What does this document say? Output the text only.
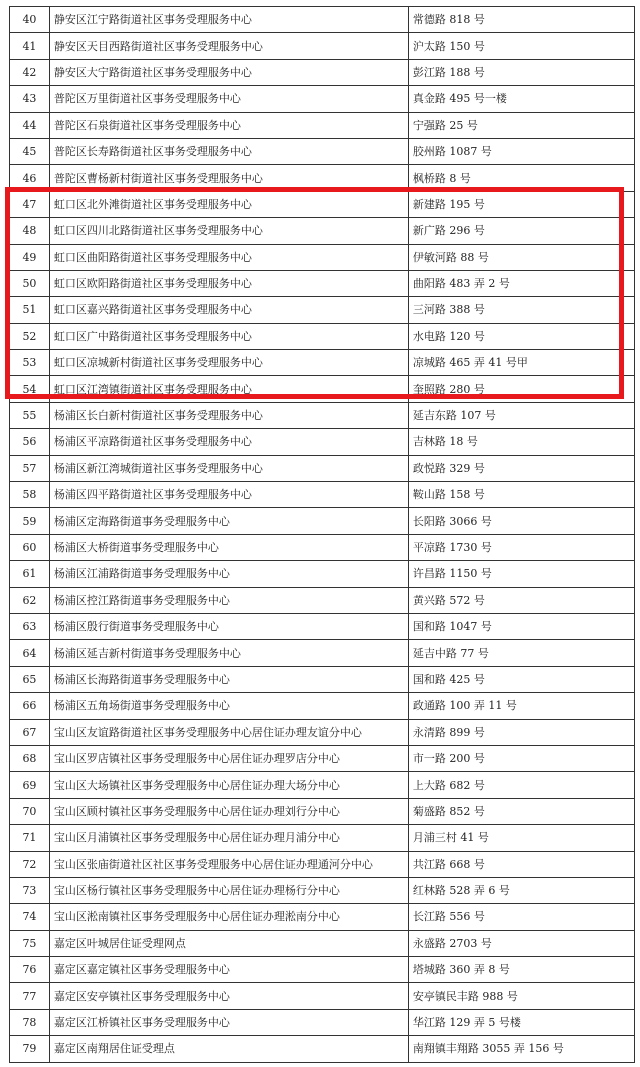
40	静安区江宁路街道社区事务受理服务中心	常德路 818 号
41	静安区天目西路街道社区事务受理服务中心	沪太路 150 号
42	静安区大宁路街道社区事务受理服务中心	彭江路 188 号
43	普陀区万里街道社区事务受理服务中心	真金路 495 号一楼
44	普陀区石泉街道社区事务受理服务中心	宁强路 25 号
45	普陀区长寿路街道社区事务受理服务中心	胶州路 1087 号
46	普陀区曹杨新村街道社区事务受理服务中心	枫桥路 8 号
47	虹口区北外滩街道社区事务受理服务中心	新建路 195 号
48	虹口区四川北路街道社区事务受理服务中心	新广路 296 号
49	虹口区曲阳路街道社区事务受理服务中心	伊敏河路 88 号
50	虹口区欧阳路街道社区事务受理服务中心	曲阳路 483 弄 2 号
51	虹口区嘉兴路街道社区事务受理服务中心	三河路 388 号
52	虹口区广中路街道社区事务受理服务中心	水电路 120 号
53	虹口区凉城新村街道社区事务受理服务中心	凉城路 465 弄 41 号甲
54	虹口区江湾镇街道社区事务受理服务中心	奎照路 280 号
55	杨浦区长白新村街道社区事务受理服务中心	延吉东路 107 号
56	杨浦区平凉路街道社区事务受理服务中心	吉林路 18 号
57	杨浦区新江湾城街道社区事务受理服务中心	政悦路 329 号
58	杨浦区四平路街道社区事务受理服务中心	鞍山路 158 号
59	杨浦区定海路街道事务受理服务中心	长阳路 3066 号
60	杨浦区大桥街道事务受理服务中心	平凉路 1730 号
61	杨浦区江浦路街道事务受理服务中心	许昌路 1150 号
62	杨浦区控江路街道事务受理服务中心	黄兴路 572 号
63	杨浦区殷行街道事务受理服务中心	国和路 1047 号
64	杨浦区延吉新村街道事务受理服务中心	延吉中路 77 号
65	杨浦区长海路街道事务受理服务中心	国和路 425 号
66	杨浦区五角场街道事务受理服务中心	政通路 100 弄 11 号
67	宝山区友谊路街道社区事务受理服务中心居住证办理友谊分中心	永清路 899 号
68	宝山区罗店镇社区事务受理服务中心居住证办理罗店分中心	市一路 200 号
69	宝山区大场镇社区事务受理服务中心居住证办理大场分中心	上大路 682 号
70	宝山区顾村镇社区事务受理服务中心居住证办理刘行分中心	菊盛路 852 号
71	宝山区月浦镇社区事务受理服务中心居住证办理月浦分中心	月浦三村 41 号
72	宝山区张庙街道社区社区事务受理服务中心居住证办理通河分中心	共江路 668 号
73	宝山区杨行镇社区事务受理服务中心居住证办理杨行分中心	红林路 528 弄 6 号
74	宝山区淞南镇社区事务受理服务中心居住证办理淞南分中心	长江路 556 号
75	嘉定区叶城居住证受理网点	永盛路 2703 号
76	嘉定区嘉定镇社区事务受理服务中心	塔城路 360 弄 8 号
77	嘉定区安亭镇社区事务受理服务中心	安亭镇民丰路 988 号
78	嘉定区江桥镇社区事务受理服务中心	华江路 129 弄 5 号楼
79	嘉定区南翔居住证受理点	南翔镇丰翔路 3055 弄 156 号
